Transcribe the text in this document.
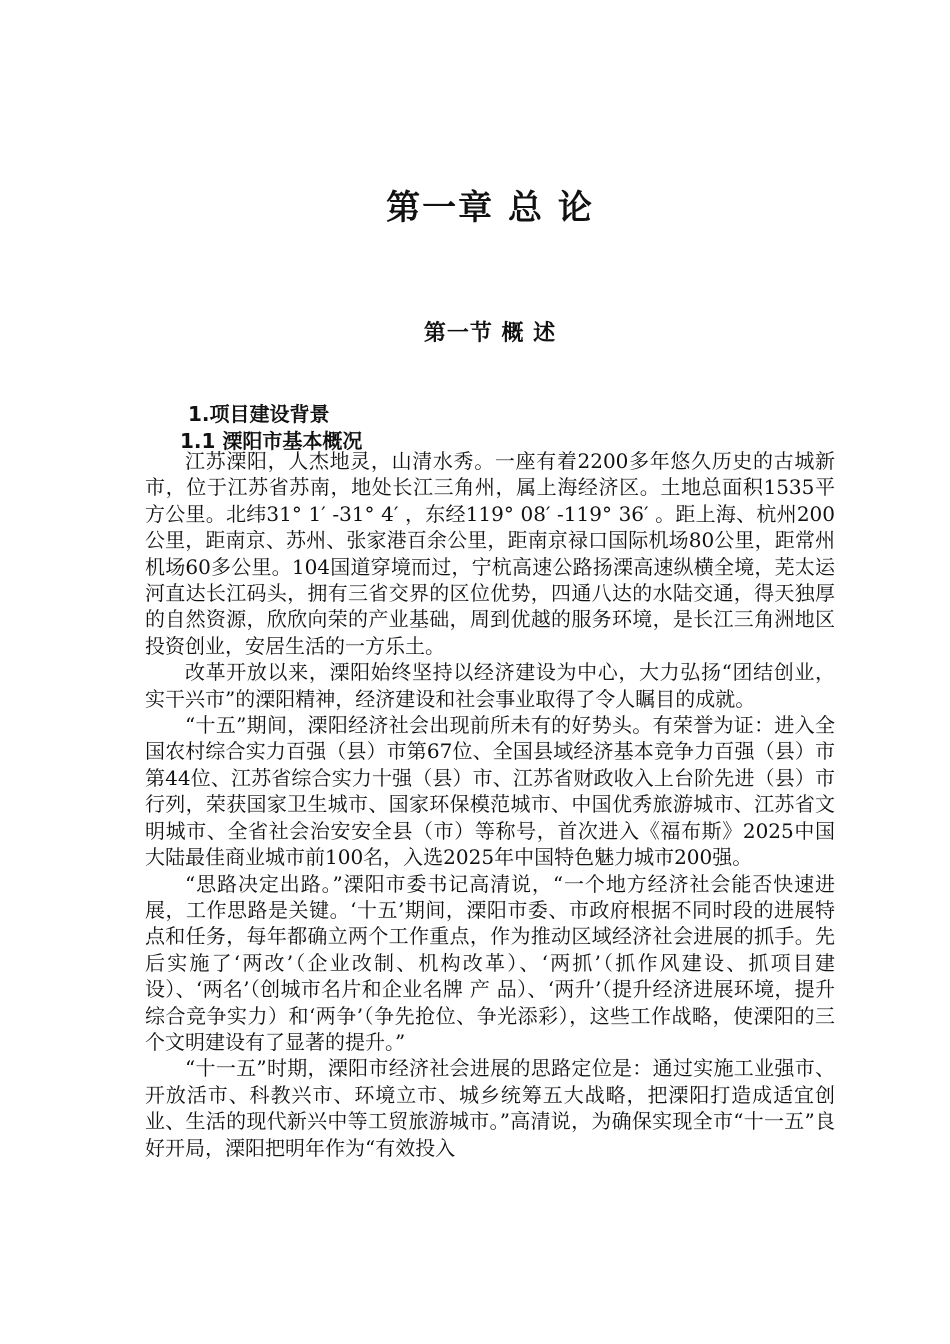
第一章 总 论
第一节 概 述
1.项目建设背景
1.1 溧阳市基本概况

江苏溧阳，人杰地灵，山清水秀。一座有着2200多年悠久历史的古城新市，位于江苏省苏南，地处长江三角州，属上海经济区。土地总面积1535平方公里。北纬31° 1′ -31° 4′ ，东经119° 08′ -119° 36′ 。距上海、杭州200公里，距南京、苏州、张家港百余公里，距南京禄口国际机场80公里，距常州机场60多公里。104国道穿境而过，宁杭高速公路扬溧高速纵横全境，芜太运河直达长江码头，拥有三省交界的区位优势，四通八达的水陆交通，得天独厚的自然资源，欣欣向荣的产业基础，周到优越的服务环境，是长江三角洲地区投资创业，安居生活的一方乐土。

改革开放以来，溧阳始终坚持以经济建设为中心，大力弘扬“团结创业，实干兴市”的溧阳精神，经济建设和社会事业取得了令人瞩目的成就。

“十五”期间，溧阳经济社会出现前所未有的好势头。有荣誉为证：进入全国农村综合实力百强（县）市第67位、全国县域经济基本竞争力百强（县）市第44位、江苏省综合实力十强（县）市、江苏省财政收入上台阶先进（县）市行列，荣获国家卫生城市、国家环保模范城市、中国优秀旅游城市、江苏省文明城市、全省社会治安安全县（市）等称号，首次进入《福布斯》2025中国大陆最佳商业城市前100名，入选2025年中国特色魅力城市200强。

“思路决定出路。”溧阳市委书记高清说，“一个地方经济社会能否快速进展，工作思路是关键。‘十五’期间，溧阳市委、市政府根据不同时段的进展特点和任务，每年都确立两个工作重点，作为推动区域经济社会进展的抓手。先后实施了‘两改’（企业改制、机构改革）、‘两抓’（抓作风建设、抓项目建设）、‘两名’（创城市名片和企业名牌 产 品）、‘两升’（提升经济进展环境，提升综合竞争实力）和‘两争’（争先抢位、争光添彩），这些工作战略，使溧阳的三个文明建设有了显著的提升。”

“十一五”时期，溧阳市经济社会进展的思路定位是：通过实施工业强市、开放活市、科教兴市、环境立市、城乡统筹五大战略，把溧阳打造成适宜创业、生活的现代新兴中等工贸旅游城市。”高清说，为确保实现全市“十一五”良好开局，溧阳把明年作为“有效投入
